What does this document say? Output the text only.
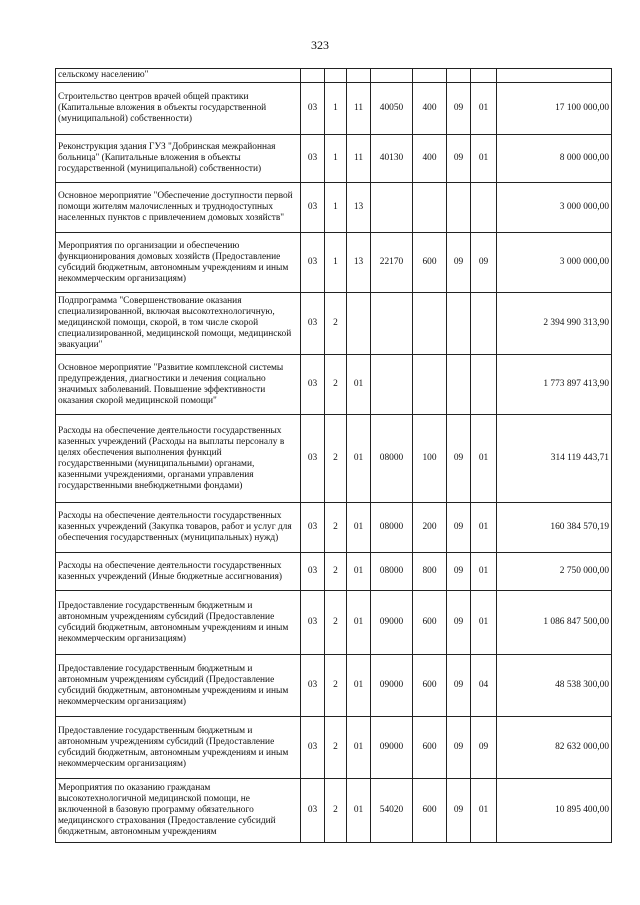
323
сельскому населению"								
Строительство центров врачей общей практики (Капитальные вложения в объекты государственной (муниципальной) собственности)	03	1	11	40050	400	09	01	17 100 000,00
Реконструкция здания ГУЗ "Добринская межрайонная больница" (Капитальные вложения в объекты государственной (муниципальной) собственности)	03	1	11	40130	400	09	01	8 000 000,00
Основное мероприятие "Обеспечение доступности первой помощи жителям малочисленных и труднодоступных населенных пунктов с привлечением домовых хозяйств"	03	1	13					3 000 000,00
Мероприятия по организации и обеспечению функционирования домовых хозяйств (Предоставление субсидий бюджетным, автономным учреждениям и иным некоммерческим организациям)	03	1	13	22170	600	09	09	3 000 000,00
Подпрограмма "Совершенствование оказания специализированной, включая высокотехнологичную, медицинской помощи, скорой, в том числе скорой специализированной, медицинской помощи, медицинской эвакуации"	03	2						2 394 990 313,90
Основное мероприятие "Развитие комплексной системы предупреждения, диагностики и лечения социально значимых заболеваний. Повышение эффективности оказания скорой медицинской помощи"	03	2	01					1 773 897 413,90
Расходы на обеспечение деятельности государственных казенных учреждений (Расходы на выплаты персоналу в целях обеспечения выполнения функций государственными (муниципальными) органами, казенными учреждениями, органами управления государственными внебюджетными фондами)	03	2	01	08000	100	09	01	314 119 443,71
Расходы на обеспечение деятельности государственных казенных учреждений (Закупка товаров, работ и услуг для обеспечения государственных (муниципальных) нужд)	03	2	01	08000	200	09	01	160 384 570,19
Расходы на обеспечение деятельности государственных казенных учреждений (Иные бюджетные ассигнования)	03	2	01	08000	800	09	01	2 750 000,00
Предоставление государственным бюджетным и автономным учреждениям субсидий (Предоставление субсидий бюджетным, автономным учреждениям и иным некоммерческим организациям)	03	2	01	09000	600	09	01	1 086 847 500,00
Предоставление государственным бюджетным и автономным учреждениям субсидий (Предоставление субсидий бюджетным, автономным учреждениям и иным некоммерческим организациям)	03	2	01	09000	600	09	04	48 538 300,00
Предоставление государственным бюджетным и автономным учреждениям субсидий (Предоставление субсидий бюджетным, автономным учреждениям и иным некоммерческим организациям)	03	2	01	09000	600	09	09	82 632 000,00
Мероприятия по оказанию гражданам высокотехнологичной медицинской помощи, не включенной в базовую программу обязательного медицинского страхования (Предоставление субсидий бюджетным, автономным учреждениям	03	2	01	54020	600	09	01	10 895 400,00
